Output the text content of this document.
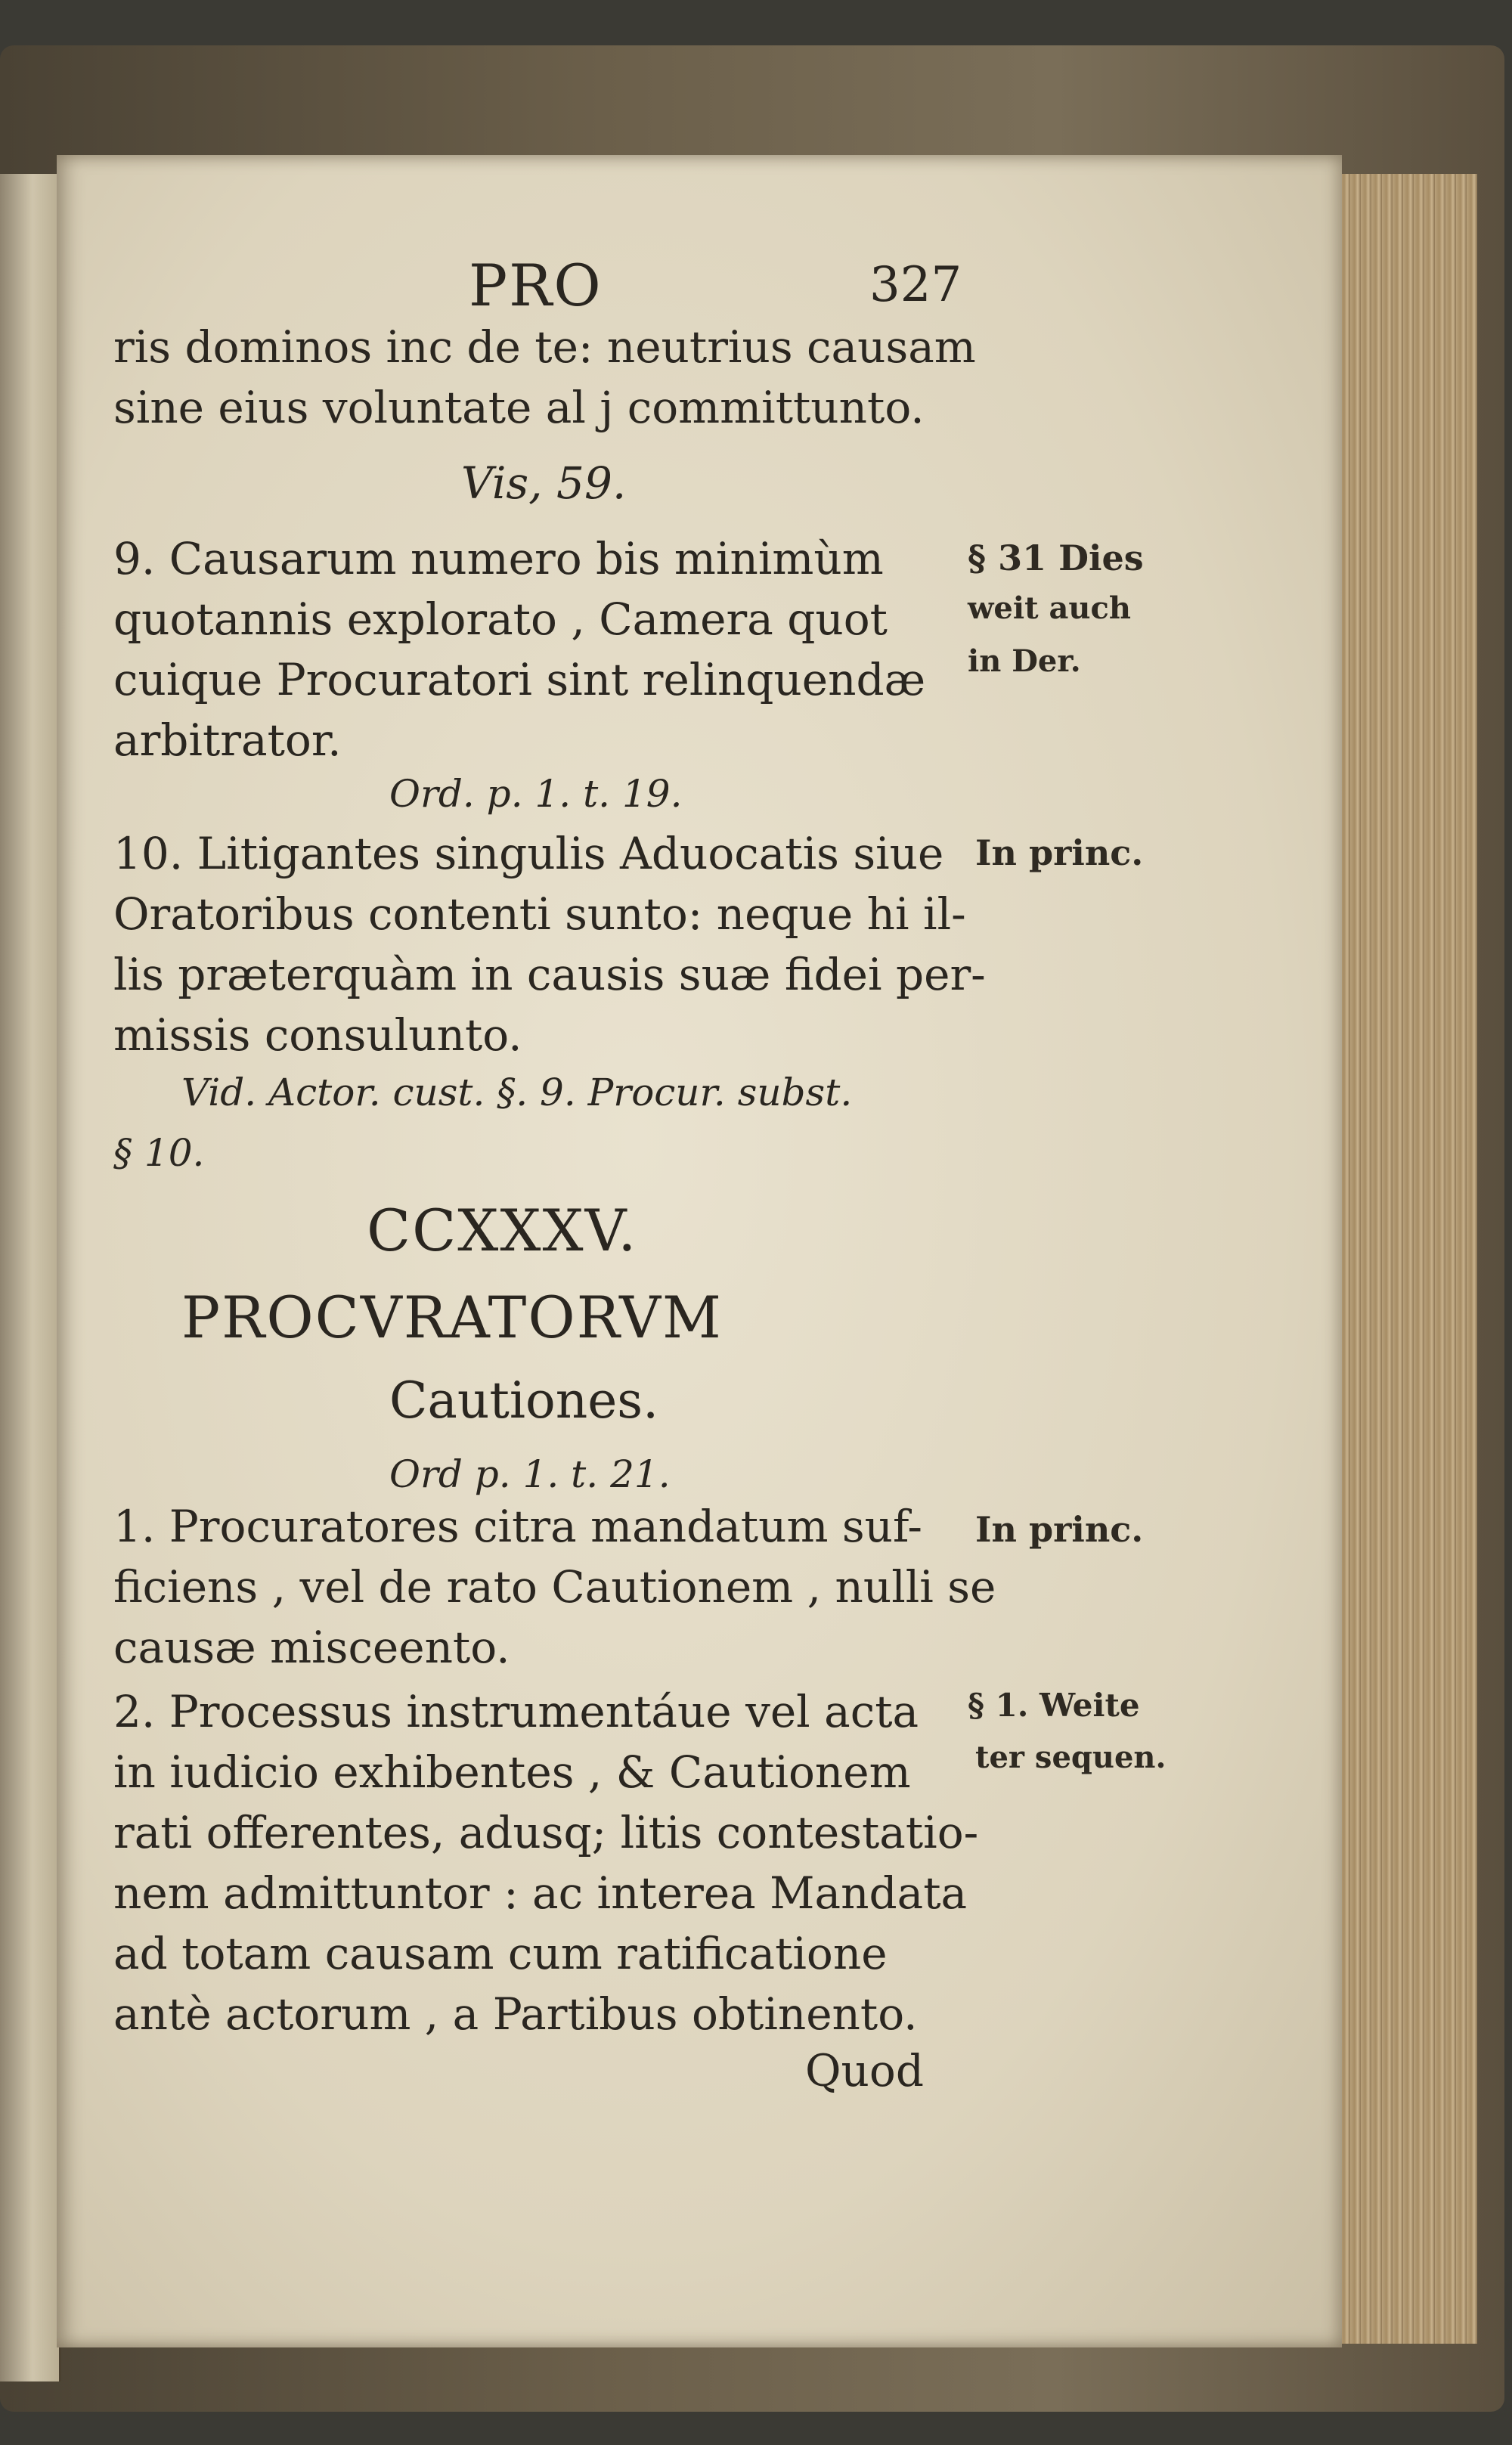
PRO	327
ris dominos inc de te: neutrius causam
sine eius voluntate al j committunto.
Vis, 59.
9. Causarum numero bis minimùm
quotannis explorato , Camera quot
cuique Procuratori sint relinquendæ
arbitrator.
Ord. p. 1. t. 19.
10. Litigantes singulis Aduocatis siue
Oratoribus contenti sunto: neque hi il-
lis præterquàm in causis suæ fidei per-
missis consulunto.
Vid. Actor. cust. §. 9. Procur. subst.
§ 10.
CCXXXV.
PROCVRATORVM
Cautiones.
Ord p. 1. t. 21.
1. Procuratores citra mandatum suf-
ficiens , vel de rato Cautionem , nulli se
causæ misceento.
2. Processus instrumentáue vel acta
in iudicio exhibentes , & Cautionem
rati offerentes, adusq; litis contestatio-
nem admittuntor : ac interea Mandata
ad totam causam cum ratificatione
antè actorum , a Partibus obtinento.
Quod
§ 31 Dies
weit auch
in Der.
In princ.
In princ.
§ 1. Weite
ter sequen.
